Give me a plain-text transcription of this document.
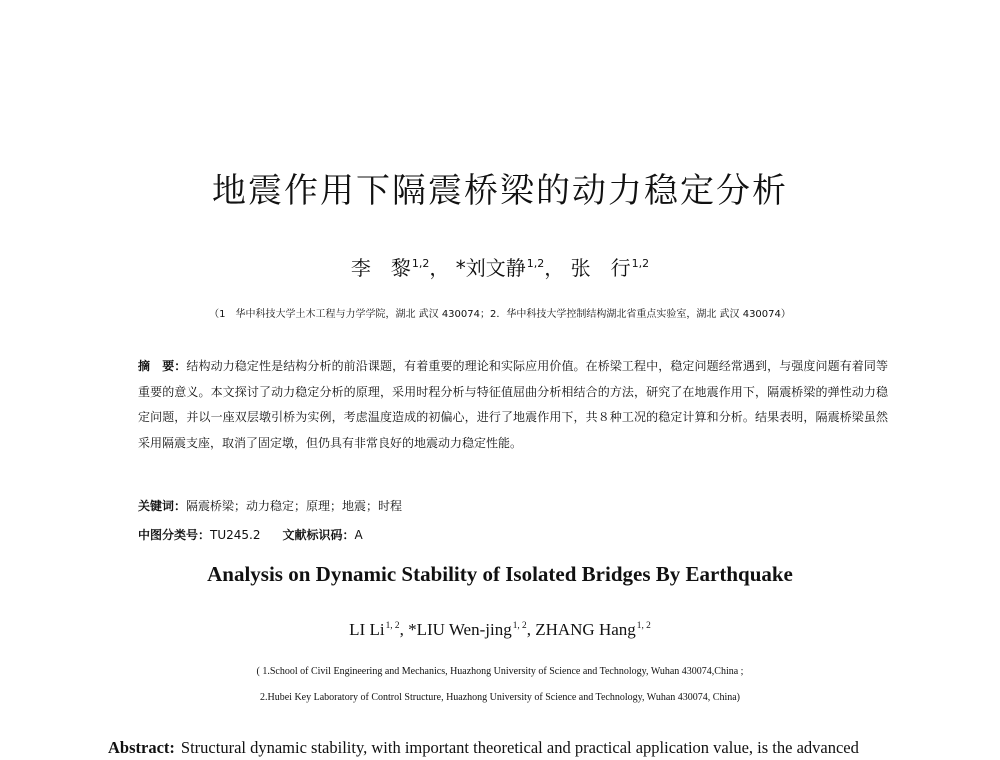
地震作用下隔震桥梁的动力稳定分析
李　黎$^{1,2}$， *刘文静$^{1,2}$， 张　行$^{1,2}$
（1　华中科技大学土木工程与力学学院，湖北 武汉 430074；2．华中科技大学控制结构湖北省重点实验室，湖北 武汉 430074）
摘　要：结构动力稳定性是结构分析的前沿课题，有着重要的理论和实际应用价值。在桥梁工程中，稳定问题经常遇到，与强度问题有着同等重要的意义。本文探讨了动力稳定分析的原理，采用时程分析与特征值屈曲分析相结合的方法，研究了在地震作用下，隔震桥梁的弹性动力稳定问题，并以一座双层墩引桥为实例，考虑温度造成的初偏心，进行了地震作用下，共８种工况的稳定计算和分析。结果表明，隔震桥梁虽然采用隔震支座，取消了固定墩，但仍具有非常良好的地震动力稳定性能。
关键词：隔震桥梁；动力稳定；原理；地震；时程
中图分类号：TU245.2 文献标识码：A
Analysis on Dynamic Stability of Isolated Bridges By Earthquake
LI Li$^{1, 2}$, *LIU Wen-jing$^{1, 2}$, ZHANG Hang$^{1, 2}$
( 1.School of Civil Engineering and Mechanics, Huazhong University of Science and Technology, Wuhan 430074,China ;
2.Hubei Key Laboratory of Control Structure, Huazhong University of Science and Technology, Wuhan 430074, China)
Abstract: Structural dynamic stability, with important theoretical and practical application value, is the advanced
